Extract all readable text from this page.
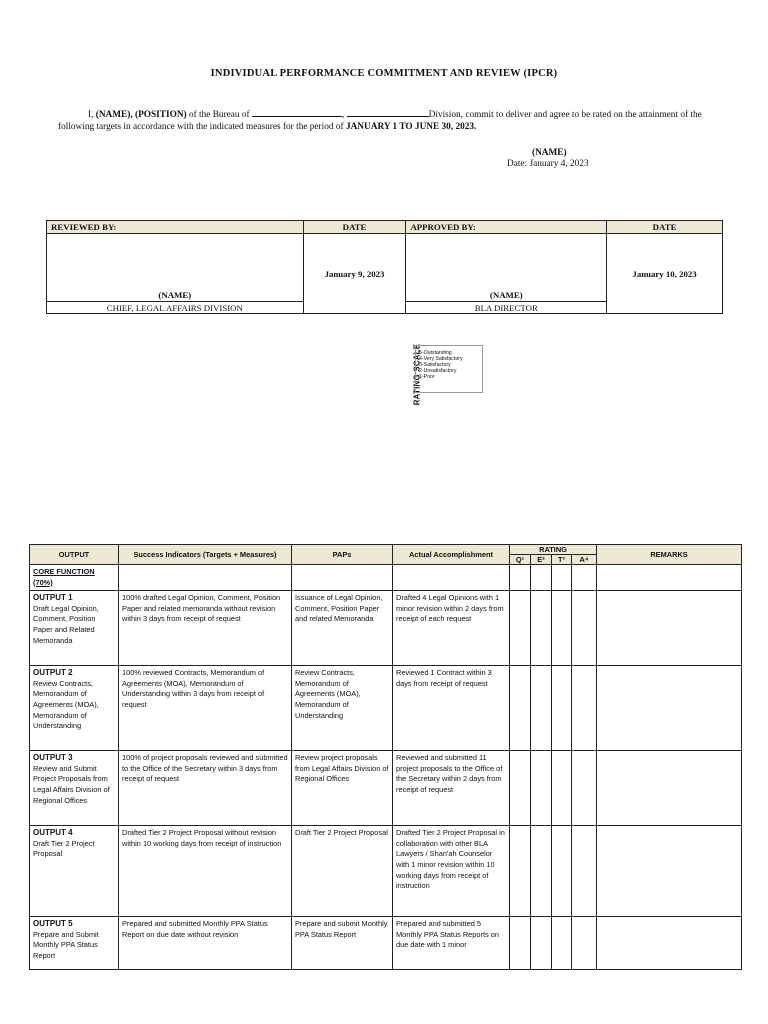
INDIVIDUAL PERFORMANCE COMMITMENT AND REVIEW (IPCR)
I, (NAME), (POSITION) of the Bureau of	,	Division, commit to deliver and agree to be rated on the attainment of the following targets in accordance with the indicated measures for the period of JANUARY 1 TO JUNE 30, 2023.
(NAME)
Date: January 4, 2023
REVIEWED BY:	DATE	APPROVED BY:	DATE
(NAME)	January 9, 2023	(NAME)	January 10, 2023
CHIEF, LEGAL AFFAIRS DIVISION		BLA DIRECTOR	
RATING SCALE
5-Outstanding
4-Very Satisfactory
3-Satisfactory
2-Unsatisfactory
1-Poor
OUTPUT	Success Indicators (Targets + Measures)	PAPs	Actual Accomplishment	RATING				REMARKS
				Q¹	E²	T³	A⁴	
CORE FUNCTION (70%)								

OUTPUT 1
Draft Legal Opinion, Comment, Position Paper and Related Memoranda	100% drafted Legal Opinion, Comment, Position Paper and related memoranda without revision within 3 days from receipt of request	Issuance of Legal Opinion, Comment, Position Paper and related Memoranda	Drafted 4 Legal Opinions with 1 minor revision within 2 days from receipt of each request					

OUTPUT 2
Review Contracts, Memorandum of Agreements (MOA), Memorandum of Understanding	100% reviewed Contracts, Memorandum of Agreements (MOA), Memorandum of Understanding within 3 days from receipt of request	Review Contracts, Memorandum of Agreements (MOA), Memorandum of Understanding	Reviewed 1 Contract within 3 days from receipt of request					

OUTPUT 3
Review and Submit Project Proposals from Legal Affairs Division of Regional Offices	100% of project proposals reviewed and submitted to the Office of the Secretary within 3 days from receipt of request	Review project proposals from Legal Affairs Division of Regional Offices	Reviewed and submitted 11 project proposals to the Office of the Secretary within 2 days from receipt of request					

OUTPUT 4
Draft Tier 2 Project Proposal	Drafted Tier 2 Project Proposal without revision within 10 working days from receipt of instruction	Draft Tier 2 Project Proposal	Drafted Tier 2 Project Proposal in collaboration with other BLA Lawyers / Shari'ah Counselor with 1 minor revision within 10 working days from receipt of instruction					

OUTPUT 5
Prepare and Submit Monthly PPA Status Report	Prepared and submitted Monthly PPA Status Report on due date without revision	Prepare and submit Monthly PPA Status Report	Prepared and submitted 5 Monthly PPA Status Reports on due date with 1 minor					
